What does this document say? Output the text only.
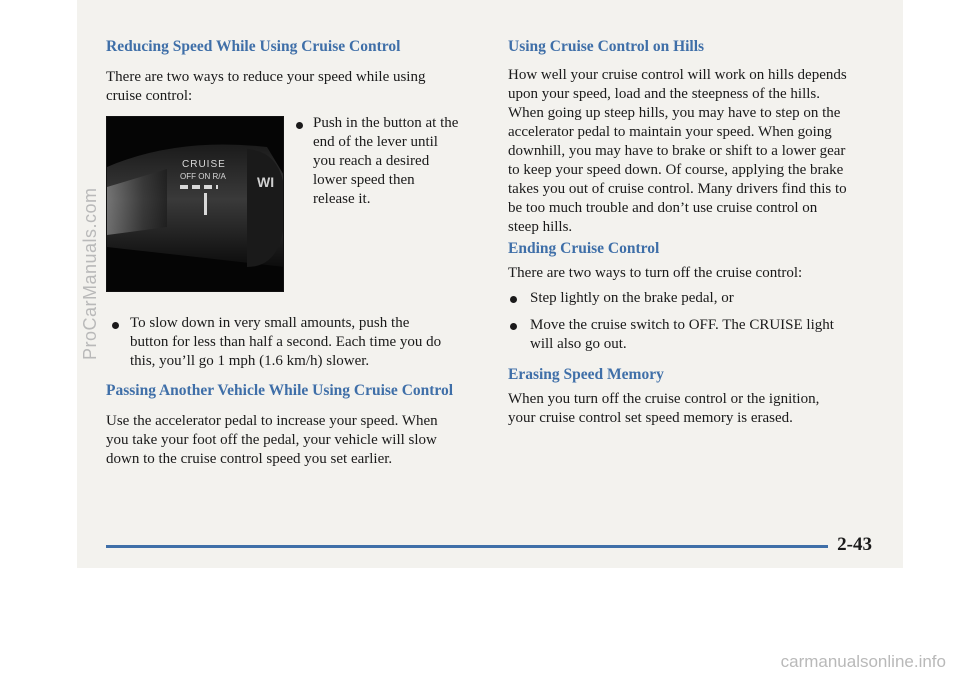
Reducing Speed While Using Cruise Control

There are two ways to reduce your speed while using

cruise control:

CRUISE
OFF ON R/A WI

Push in the button at the

end of the lever until

you reach a desired

lower speed then

release it.

To slow down in very small amounts, push the

button for less than half a second. Each time you do

this, you’ll go 1 mph (1.6 km/h) slower.

Passing Another Vehicle While Using Cruise Control

Use the accelerator pedal to increase your speed. When

you take your foot off the pedal, your vehicle will slow

down to the cruise control speed you set earlier.

Using Cruise Control on Hills

How well your cruise control will work on hills depends

upon your speed, load and the steepness of the hills.

When going up steep hills, you may have to step on the

accelerator pedal to maintain your speed. When going

downhill, you may have to brake or shift to a lower gear

to keep your speed down. Of course, applying the brake

takes you out of cruise control. Many drivers find this to

be too much trouble and don’t use cruise control on

steep hills.

Ending Cruise Control

There are two ways to turn off the cruise control:

Step lightly on the brake pedal, or

Move the cruise switch to OFF. The CRUISE light

will also go out.

Erasing Speed Memory

When you turn off the cruise control or the ignition,

your cruise control set speed memory is erased.

2-43
ProCarManuals.com
carmanualsonline.info
